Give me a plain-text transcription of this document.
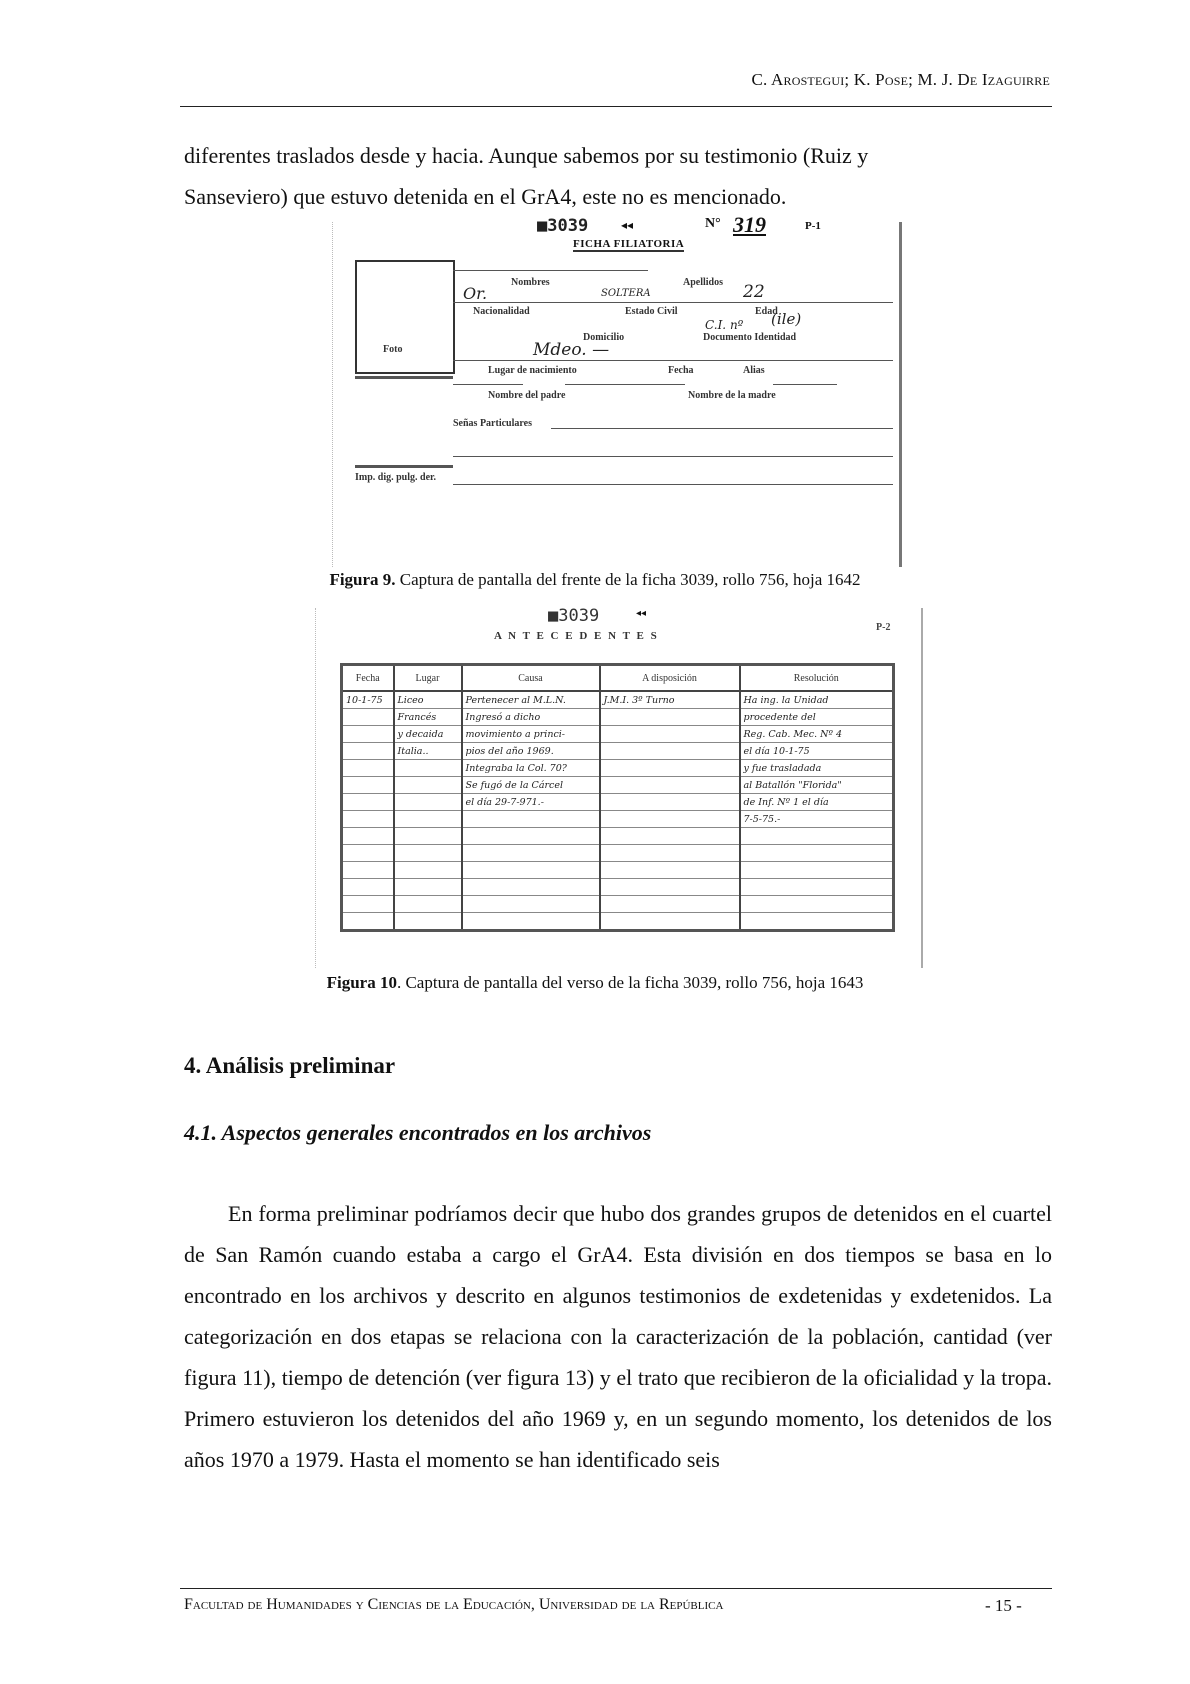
C. Arostegui; K. Pose; M. J. De Izaguirre
diferentes traslados desde y hacia. Aunque sabemos por su testimonio (Ruiz y
Sanseviero) que estuvo detenida en el GrA4, este no es mencionado.
Foto
Imp. dig. pulg. der.
■3039	◂◂	N° 319	P-1
FICHA FILIATORIA
Nombres	Apellidos
Or.	SOLTERA	22
Nacionalidad	Estado Civil	Edad
C.I. nº (ile)
Domicilio	Documento Identidad
Mdeo. —
Lugar de nacimiento	Fecha	Alias
Nombre del padre	Nombre de la madre
Señas Particulares
Figura 9. Captura de pantalla del frente de la ficha 3039, rollo 756, hoja 1642
■3039	◂◂
P-2
A N T E C E D E N T E S
Fecha	Lugar	Causa	A disposición	Resolución
10-1-75	Liceo	Pertenecer al M.L.N.	J.M.I. 3º Turno	Ha ing. la Unidad
	Francés	Ingresó a dicho		procedente del
	y decaida	movimiento a princi-		Reg. Cab. Mec. Nº 4
	Italia..	pios del año 1969.		el día 10-1-75
		Integraba la Col. 70?		y fue trasladada
		Se fugó de la Cárcel		al Batallón "Florida"
		el día 29-7-971.-		de Inf. Nº 1 el día
				7-5-75.-

Figura 10. Captura de pantalla del verso de la ficha 3039, rollo 756, hoja 1643
4. Análisis preliminar
4.1. Aspectos generales encontrados en los archivos
En forma preliminar podríamos decir que hubo dos grandes grupos de detenidos en el cuartel de San Ramón cuando estaba a cargo el GrA4. Esta división en dos tiempos se basa en lo encontrado en los archivos y descrito en algunos testimonios de exdetenidas y exdetenidos. La categorización en dos etapas se relaciona con la caracterización de la población, cantidad (ver figura 11), tiempo de detención (ver figura 13) y el trato que recibieron de la oficialidad y la tropa. Primero estuvieron los detenidos del año 1969 y, en un segundo momento, los detenidos de los años 1970 a 1979. Hasta el momento se han identificado seis
Facultad de Humanidades y Ciencias de la Educación, Universidad de la República	- 15 -
